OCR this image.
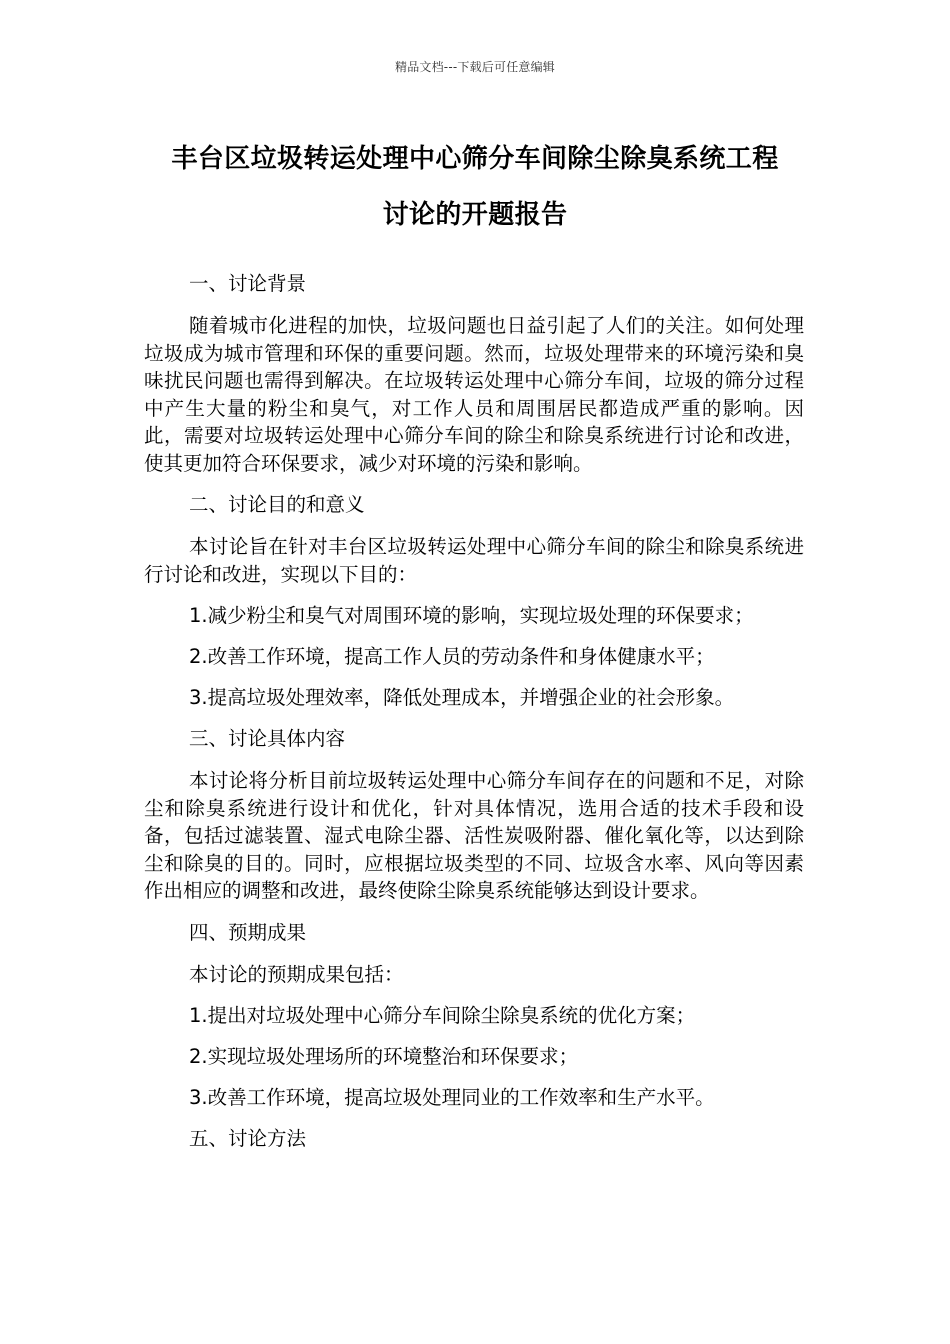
精品文档---下载后可任意编辑
丰台区垃圾转运处理中心筛分车间除尘除臭系统工程
讨论的开题报告

一、讨论背景

随着城市化进程的加快，垃圾问题也日益引起了人们的关注。如何处理垃圾成为城市管理和环保的重要问题。然而，垃圾处理带来的环境污染和臭味扰民问题也需得到解决。在垃圾转运处理中心筛分车间，垃圾的筛分过程中产生大量的粉尘和臭气，对工作人员和周围居民都造成严重的影响。因此，需要对垃圾转运处理中心筛分车间的除尘和除臭系统进行讨论和改进，使其更加符合环保要求，减少对环境的污染和影响。

二、讨论目的和意义

本讨论旨在针对丰台区垃圾转运处理中心筛分车间的除尘和除臭系统进行讨论和改进，实现以下目的：

1.减少粉尘和臭气对周围环境的影响，实现垃圾处理的环保要求；

2.改善工作环境，提高工作人员的劳动条件和身体健康水平；

3.提高垃圾处理效率，降低处理成本，并增强企业的社会形象。

三、讨论具体内容

本讨论将分析目前垃圾转运处理中心筛分车间存在的问题和不足，对除尘和除臭系统进行设计和优化，针对具体情况，选用合适的技术手段和设备，包括过滤装置、湿式电除尘器、活性炭吸附器、催化氧化等，以达到除尘和除臭的目的。同时，应根据垃圾类型的不同、垃圾含水率、风向等因素作出相应的调整和改进，最终使除尘除臭系统能够达到设计要求。

四、预期成果

本讨论的预期成果包括：

1.提出对垃圾处理中心筛分车间除尘除臭系统的优化方案；

2.实现垃圾处理场所的环境整治和环保要求；

3.改善工作环境，提高垃圾处理同业的工作效率和生产水平。

五、讨论方法
